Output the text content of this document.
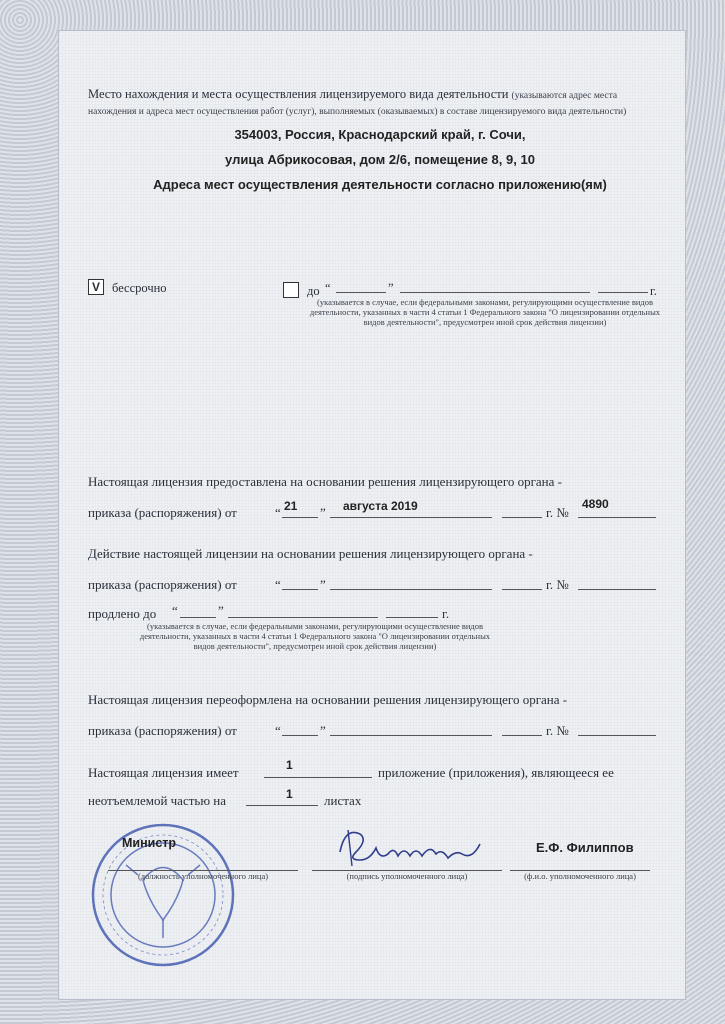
Место нахождения и места осуществления лицензируемого вида деятельности (указываются адрес места нахождения и адреса мест осуществления работ (услуг), выполняемых (оказываемых) в составе лицензируемого вида деятельности)
354003, Россия, Краснодарский край, г. Сочи,
улица Абрикосовая, дом 2/6, помещение 8, 9, 10
Адреса мест осуществления деятельности согласно приложению(ям)
V бессрочно	до “	”	г.
(указывается в случае, если федеральными законами, регулирующими осуществление видов деятельности, указанных в части 4 статьи 1 Федерального закона "О лицензировании отдельных видов деятельности", предусмотрен иной срок действия лицензии)
Настоящая лицензия предоставлена на основании решения лицензирующего органа -
приказа (распоряжения) от	“ 21 ” августа 2019	г. №
4890
Действие настоящей лицензии на основании решения лицензирующего органа -
приказа (распоряжения) от	“	”	г. №
продлено до “	”	г.
(указывается в случае, если федеральными законами, регулирующими осуществление видов деятельности, указанных в части 4 статьи 1 Федерального закона "О лицензировании отдельных видов деятельности", предусмотрен иной срок действия лицензии)
Настоящая лицензия переоформлена на основании решения лицензирующего органа -
приказа (распоряжения) от	“	”	г. №
Настоящая лицензия имеет	1	приложение (приложения), являющееся ее
неотъемлемой частью на	1 листах
Министр
(должность уполномоченного лица)	(подпись уполномоченного лица)
Е.Ф. Филиппов
(ф.и.о. уполномоченного лица)
